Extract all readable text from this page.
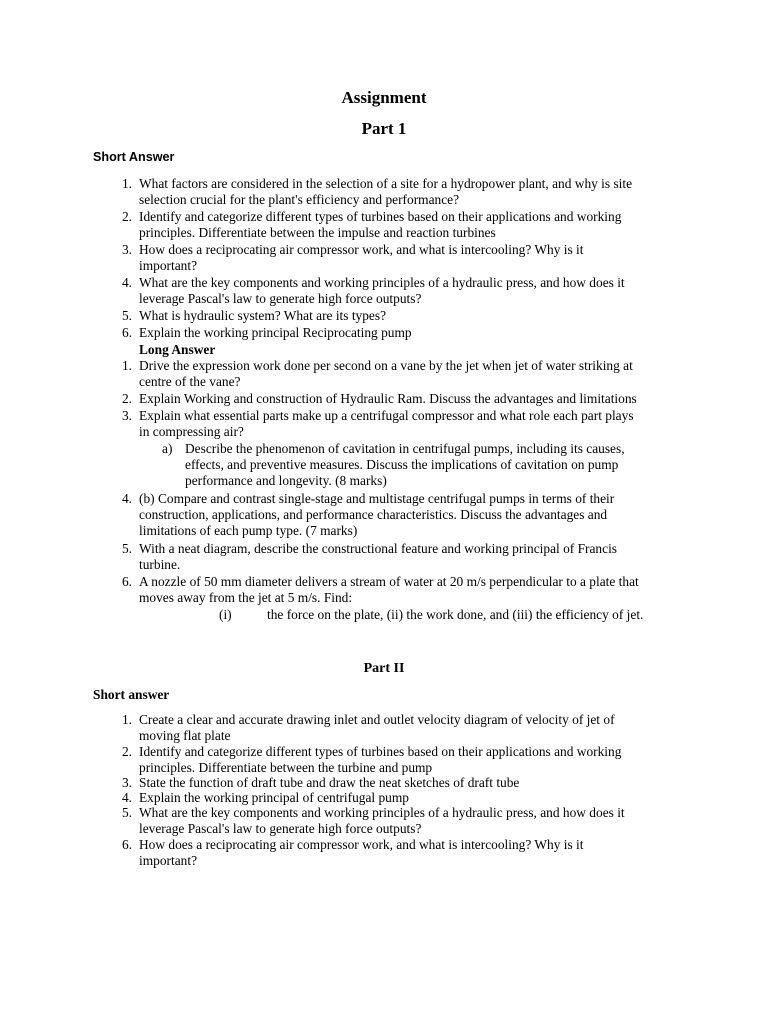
Assignment
Part 1
Short Answer
1. What factors are considered in the selection of a site for a hydropower plant, and why is site
selection crucial for the plant's efficiency and performance?
2. Identify and categorize different types of turbines based on their applications and working
principles. Differentiate between the impulse and reaction turbines
3. How does a reciprocating air compressor work, and what is intercooling? Why is it
important?
4. What are the key components and working principles of a hydraulic press, and how does it
leverage Pascal's law to generate high force outputs?
5. What is hydraulic system? What are its types?
6. Explain the working principal Reciprocating pump
Long Answer
1. Drive the expression work done per second on a vane by the jet when jet of water striking at
centre of the vane?
2. Explain Working and construction of Hydraulic Ram. Discuss the advantages and limitations
3. Explain what essential parts make up a centrifugal compressor and what role each part plays
in compressing air?
a) Describe the phenomenon of cavitation in centrifugal pumps, including its causes,
effects, and preventive measures. Discuss the implications of cavitation on pump
performance and longevity. (8 marks)
4. (b) Compare and contrast single-stage and multistage centrifugal pumps in terms of their
construction, applications, and performance characteristics. Discuss the advantages and
limitations of each pump type. (7 marks)
5. With a neat diagram, describe the constructional feature and working principal of Francis
turbine.
6. A nozzle of 50 mm diameter delivers a stream of water at 20 m/s perpendicular to a plate that
moves away from the jet at 5 m/s. Find:
(i)	the force on the plate, (ii) the work done, and (iii) the efficiency of jet.
Part II
Short answer
1. Create a clear and accurate drawing inlet and outlet velocity diagram of velocity of jet of
moving flat plate
2. Identify and categorize different types of turbines based on their applications and working
principles. Differentiate between the turbine and pump
3. State the function of draft tube and draw the neat sketches of draft tube
4. Explain the working principal of centrifugal pump
5. What are the key components and working principles of a hydraulic press, and how does it
leverage Pascal's law to generate high force outputs?
6. How does a reciprocating air compressor work, and what is intercooling? Why is it
important?
